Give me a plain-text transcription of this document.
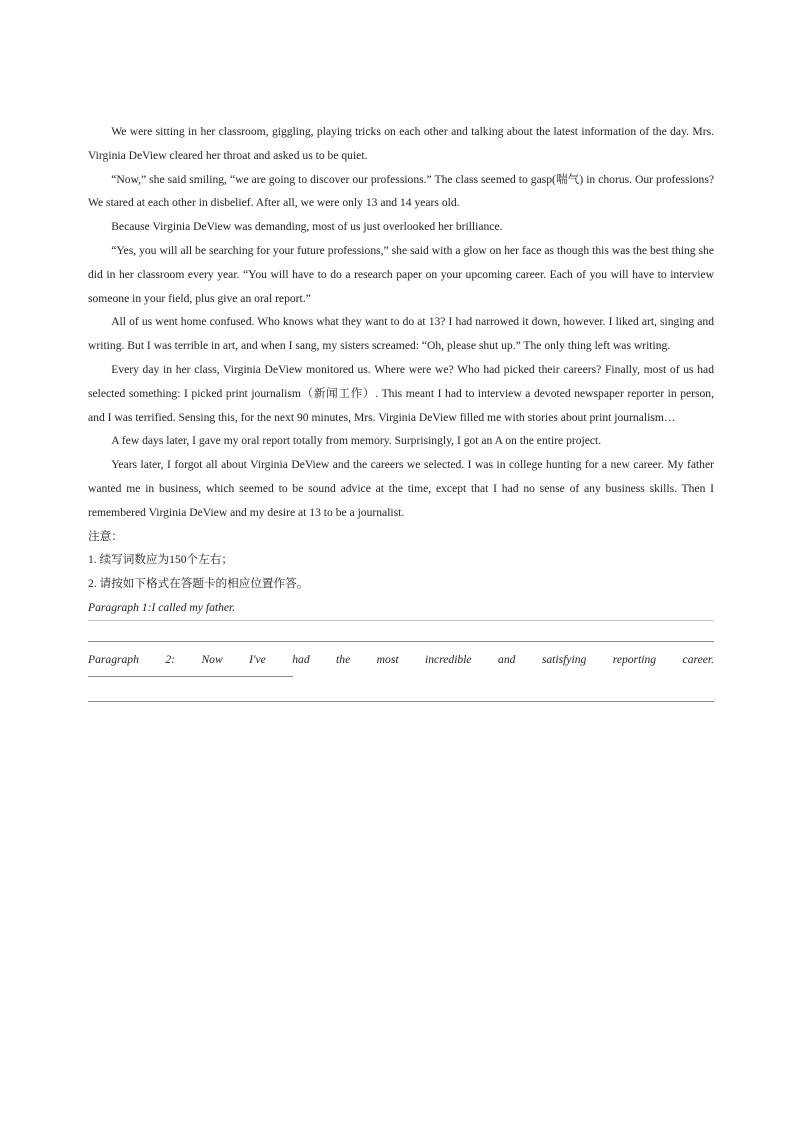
We were sitting in her classroom, giggling, playing tricks on each other and talking about the latest information of the day. Mrs. Virginia DeView cleared her throat and asked us to be quiet.

“Now,” she said smiling, “we are going to discover our professions.” The class seemed to gasp(喘气) in chorus. Our professions? We stared at each other in disbelief. After all, we were only 13 and 14 years old.

Because Virginia DeView was demanding, most of us just overlooked her brilliance.

“Yes, you will all be searching for your future professions,” she said with a glow on her face as though this was the best thing she did in her classroom every year. “You will have to do a research paper on your upcoming career. Each of you will have to interview someone in your field, plus give an oral report.”

All of us went home confused. Who knows what they want to do at 13? I had narrowed it down, however. I liked art, singing and writing. But I was terrible in art, and when I sang, my sisters screamed: “Oh, please shut up.” The only thing left was writing.

Every day in her class, Virginia DeView monitored us. Where were we? Who had picked their careers? Finally, most of us had selected something: I picked print journalism（新闻工作）. This meant I had to interview a devoted newspaper reporter in person, and I was terrified. Sensing this, for the next 90 minutes, Mrs. Virginia DeView filled me with stories about print journalism…

A few days later, I gave my oral report totally from memory. Surprisingly, I got an A on the entire project.

Years later, I forgot all about Virginia DeView and the careers we selected. I was in college hunting for a new career. My father wanted me in business, which seemed to be sound advice at the time, except that I had no sense of any business skills. Then I remembered Virginia DeView and my desire at 13 to be a journalist.

注意：

1. 续写词数应为150个左右；

2. 请按如下格式在答题卡的相应位置作答。

Paragraph 1:I called my father.

Paragraph 2: Now I've had the most incredible and satisfying reporting career.
